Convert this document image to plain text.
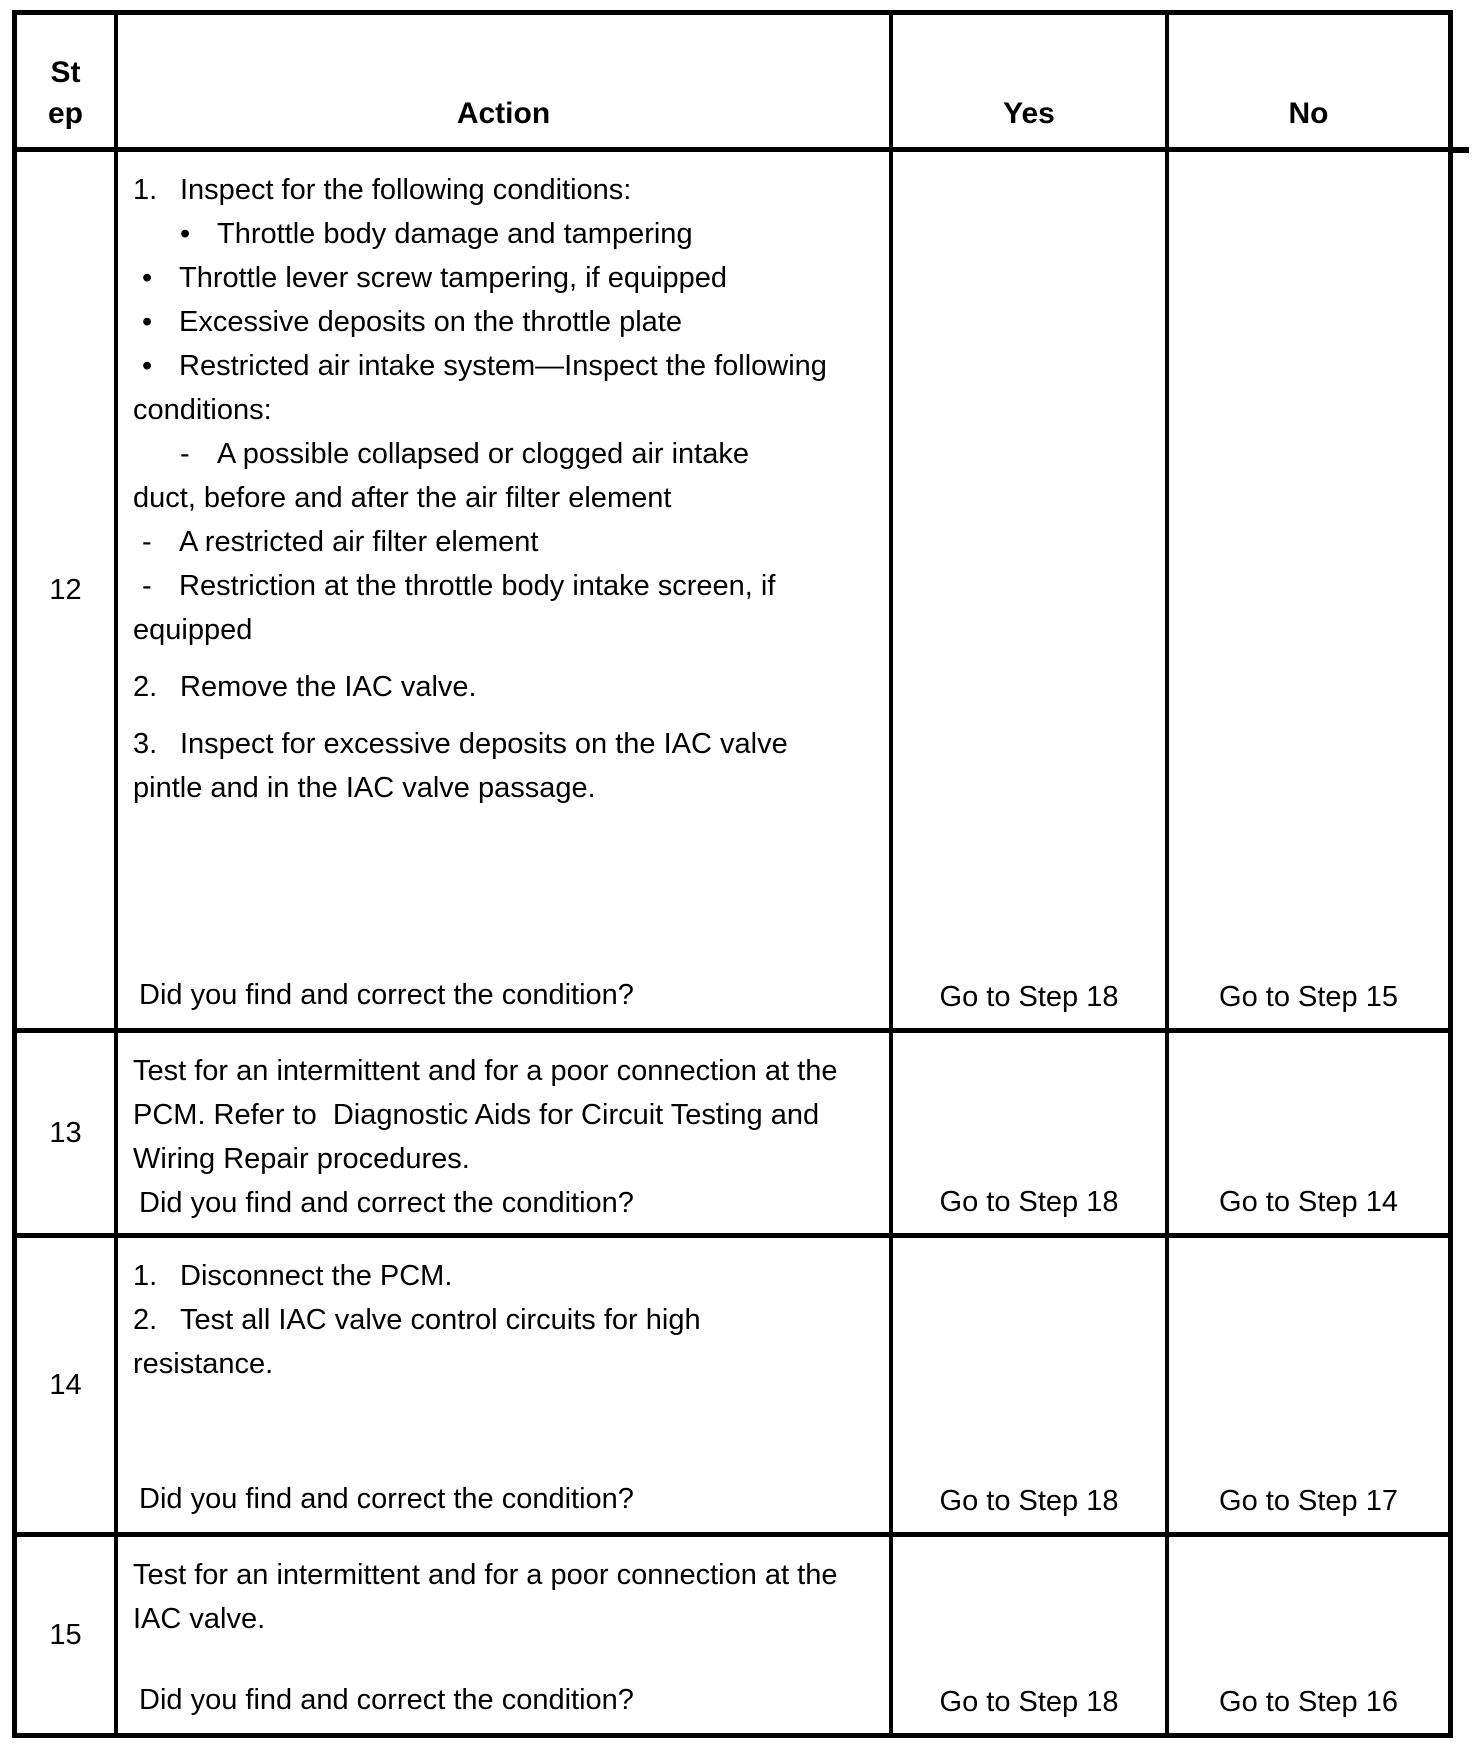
St
ep	Action	Yes	No
12
1. Inspect for the following conditions:
• Throttle body damage and tampering
• Throttle lever screw tampering, if equipped
• Excessive deposits on the throttle plate
• Restricted air intake system—Inspect the following
conditions:
- A possible collapsed or clogged air intake
duct, before and after the air filter element
- A restricted air filter element
- Restriction at the throttle body intake screen, if
equipped
2. Remove the IAC valve.
3. Inspect for excessive deposits on the IAC valve
pintle and in the IAC valve passage.
Did you find and correct the condition?	Go to Step 18	Go to Step 15
13
Test for an intermittent and for a poor connection at the
PCM. Refer to  Diagnostic Aids for Circuit Testing and
Wiring Repair procedures.
Did you find and correct the condition?	Go to Step 18	Go to Step 14
14
1. Disconnect the PCM.
2. Test all IAC valve control circuits for high
resistance.
Did you find and correct the condition?	Go to Step 18	Go to Step 17
15
Test for an intermittent and for a poor connection at the
IAC valve.
Did you find and correct the condition?	Go to Step 18	Go to Step 16
